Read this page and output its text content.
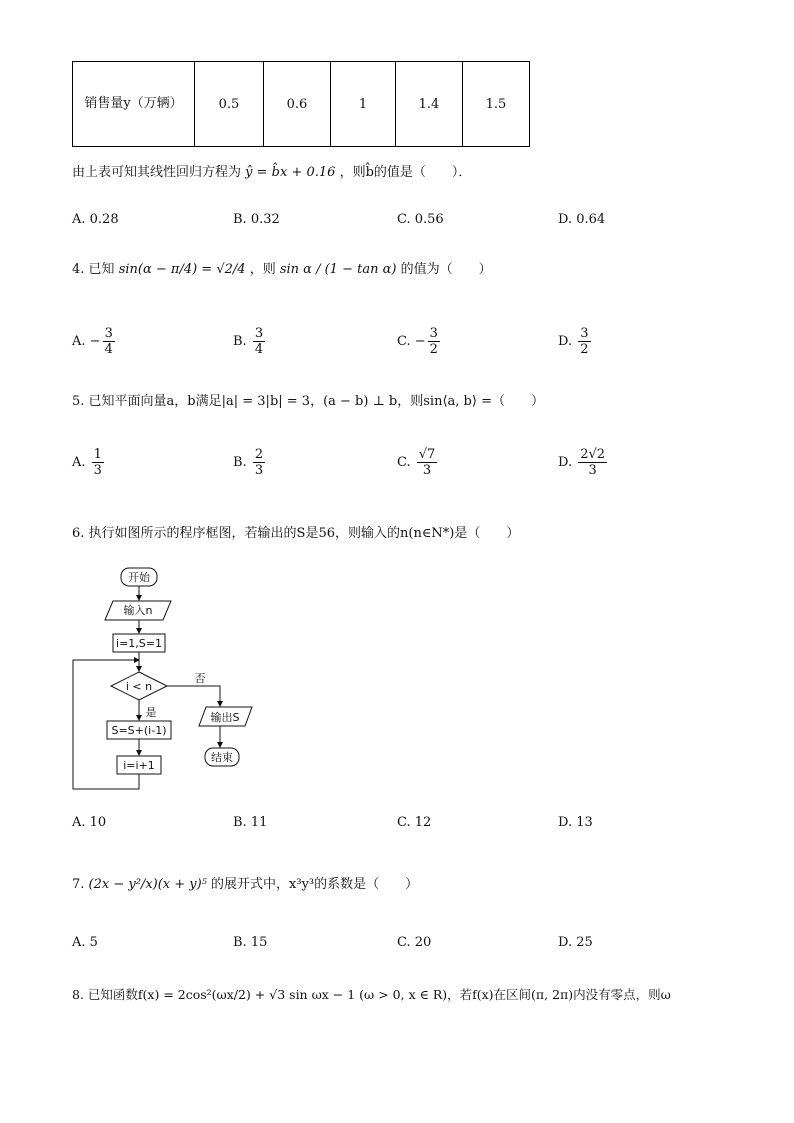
销售量y（万辆）	0.5	0.6	1	1.4	1.5
由上表可知其线性回归方程为 ŷ = b̂x + 0.16 ，则b̂的值是（　　）．
A. 0.28	B. 0.32	C. 0.56	D. 0.64
4. 已知 sin(α − π/4) = √2/4 ，则 sin α / (1 − tan α) 的值为（　　）
A. − $\frac{3}{4}$	B. $\frac{3}{4}$	C. − $\frac{3}{2}$	D. $\frac{3}{2}$
5. 已知平面向量a，b满足|a| = 3|b| = 3，(a − b) ⊥ b，则sin⟨a, b⟩ =（　　）
A. $\frac{1}{3}$	B. $\frac{2}{3}$	C. $\frac{√7}{3}$	D. $\frac{2√2}{3}$
6. 执行如图所示的程序框图，若输出的S是56，则输入的n(n∈N*)是（　　）
开始
输入n
i=1,S=1
i < n
否
是
S=S+(i-1)
i=i+1
输出S
结束
A. 10	B. 11	C. 12	D. 13
7. (2x − y²/x)(x + y)⁵ 的展开式中，x³y³的系数是（　　）
A. 5	B. 15	C. 20	D. 25
8. 已知函数f(x) = 2cos²(ωx/2) + √3 sin ωx − 1 (ω > 0, x ∈ R)，若f(x)在区间(π, 2π)内没有零点，则ω
